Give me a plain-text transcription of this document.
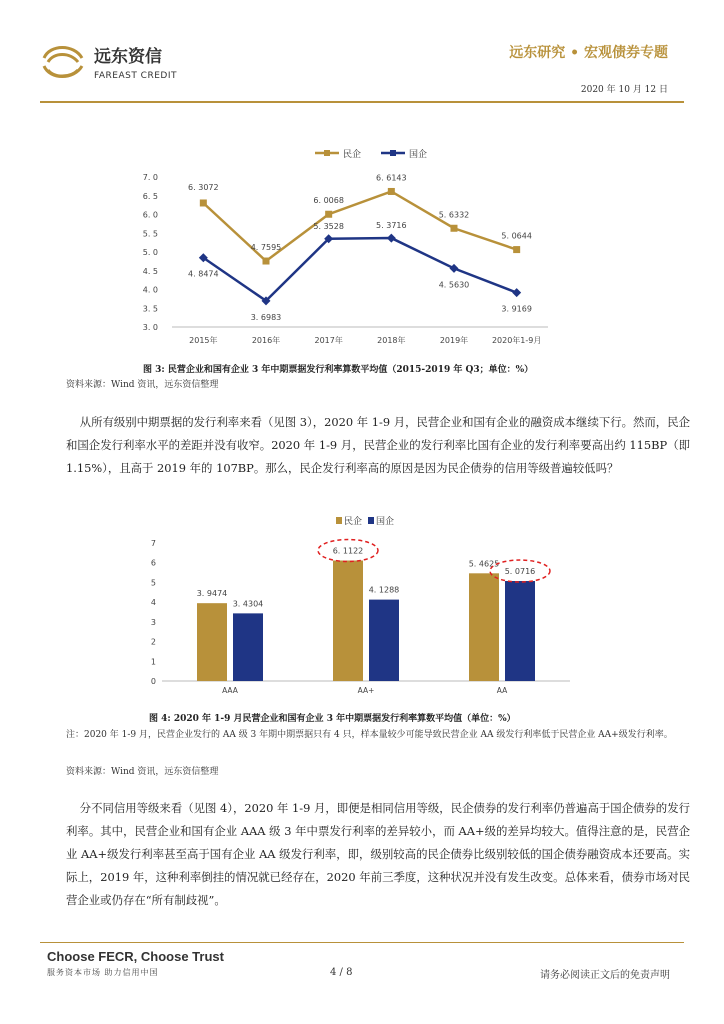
远东资信
FAREAST CREDIT
远东研究 • 宏观债券专题
2020 年 10 月 12 日
3. 0
3. 5
4. 0
4. 5
5. 0
5. 5
6. 0
6. 5
7. 0
2015年	2016年	2017年	2018年	2019年	2020年1-9月
民企	国企
6. 3072
4. 7595
6. 0068
6. 6143
5. 6332
5. 0644
4. 8474
3. 6983
5. 3528	5. 3716
4. 5630
3. 9169
0
1
2
3
4
5
6
7
民企 国企
AAA
3. 9474
3. 4304
AA+
6. 1122
4. 1288
AA
5. 4625
5. 0716
图 3: 民营企业和国有企业 3 年中期票据发行利率算数平均值（2015-2019 年 Q3；单位：%）
资料来源：Wind 资讯，远东资信整理
从所有级别中期票据的发行利率来看（见图 3），2020 年 1-9 月，民营企业和国有企业的融资成本继续下行。然而，民企和国企发行利率水平的差距并没有收窄。2020 年 1-9 月，民营企业的发行利率比国有企业的发行利率要高出约 115BP（即 1.15%），且高于 2019 年的 107BP。那么，民企发行利率高的原因是因为民企债券的信用等级普遍较低吗？
图 4: 2020 年 1-9 月民营企业和国有企业 3 年中期票据发行利率算数平均值（单位：%）
注：2020 年 1-9 月，民营企业发行的 AA 级 3 年期中期票据只有 4 只，样本量较少可能导致民营企业 AA 级发行利率低于民营企业 AA+级发行利率。
资料来源：Wind 资讯，远东资信整理
分不同信用等级来看（见图 4），2020 年 1-9 月，即便是相同信用等级，民企债券的发行利率仍普遍高于国企债券的发行利率。其中，民营企业和国有企业 AAA 级 3 年中票发行利率的差异较小，而 AA+级的差异均较大。值得注意的是，民营企业 AA+级发行利率甚至高于国有企业 AA 级发行利率，即，级别较高的民企债券比级别较低的国企债券融资成本还要高。实际上，2019 年，这种利率倒挂的情况就已经存在，2020 年前三季度，这种状况并没有发生改变。总体来看，债券市场对民营企业或仍存在“所有制歧视”。
Choose FECR, Choose Trust
服务资本市场 助力信用中国	4 / 8	请务必阅读正文后的免责声明
